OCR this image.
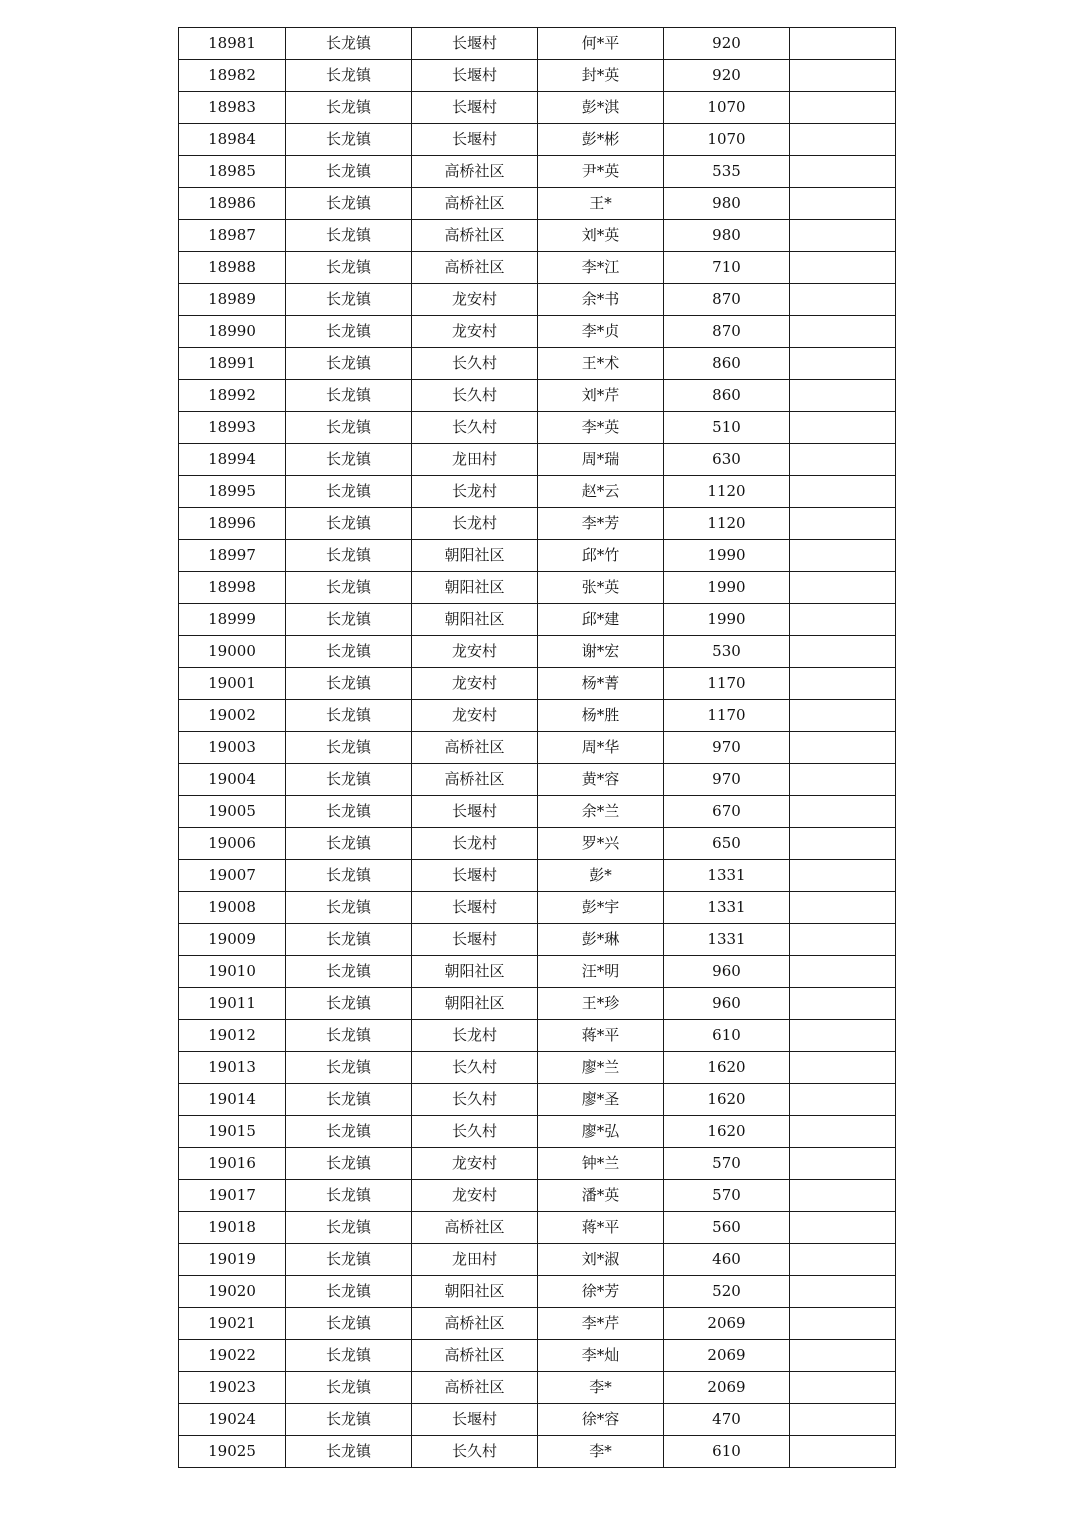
18981	长龙镇	长堰村	何*平	920	
18982	长龙镇	长堰村	封*英	920	
18983	长龙镇	长堰村	彭*淇	1070	
18984	长龙镇	长堰村	彭*彬	1070	
18985	长龙镇	高桥社区	尹*英	535	
18986	长龙镇	高桥社区	王*	980	
18987	长龙镇	高桥社区	刘*英	980	
18988	长龙镇	高桥社区	李*江	710	
18989	长龙镇	龙安村	余*书	870	
18990	长龙镇	龙安村	李*贞	870	
18991	长龙镇	长久村	王*术	860	
18992	长龙镇	长久村	刘*芹	860	
18993	长龙镇	长久村	李*英	510	
18994	长龙镇	龙田村	周*瑞	630	
18995	长龙镇	长龙村	赵*云	1120	
18996	长龙镇	长龙村	李*芳	1120	
18997	长龙镇	朝阳社区	邱*竹	1990	
18998	长龙镇	朝阳社区	张*英	1990	
18999	长龙镇	朝阳社区	邱*建	1990	
19000	长龙镇	龙安村	谢*宏	530	
19001	长龙镇	龙安村	杨*菁	1170	
19002	长龙镇	龙安村	杨*胜	1170	
19003	长龙镇	高桥社区	周*华	970	
19004	长龙镇	高桥社区	黄*容	970	
19005	长龙镇	长堰村	余*兰	670	
19006	长龙镇	长龙村	罗*兴	650	
19007	长龙镇	长堰村	彭*	1331	
19008	长龙镇	长堰村	彭*宇	1331	
19009	长龙镇	长堰村	彭*琳	1331	
19010	长龙镇	朝阳社区	汪*明	960	
19011	长龙镇	朝阳社区	王*珍	960	
19012	长龙镇	长龙村	蒋*平	610	
19013	长龙镇	长久村	廖*兰	1620	
19014	长龙镇	长久村	廖*圣	1620	
19015	长龙镇	长久村	廖*弘	1620	
19016	长龙镇	龙安村	钟*兰	570	
19017	长龙镇	龙安村	潘*英	570	
19018	长龙镇	高桥社区	蒋*平	560	
19019	长龙镇	龙田村	刘*淑	460	
19020	长龙镇	朝阳社区	徐*芳	520	
19021	长龙镇	高桥社区	李*芹	2069	
19022	长龙镇	高桥社区	李*灿	2069	
19023	长龙镇	高桥社区	李*	2069	
19024	长龙镇	长堰村	徐*容	470	
19025	长龙镇	长久村	李*	610	
